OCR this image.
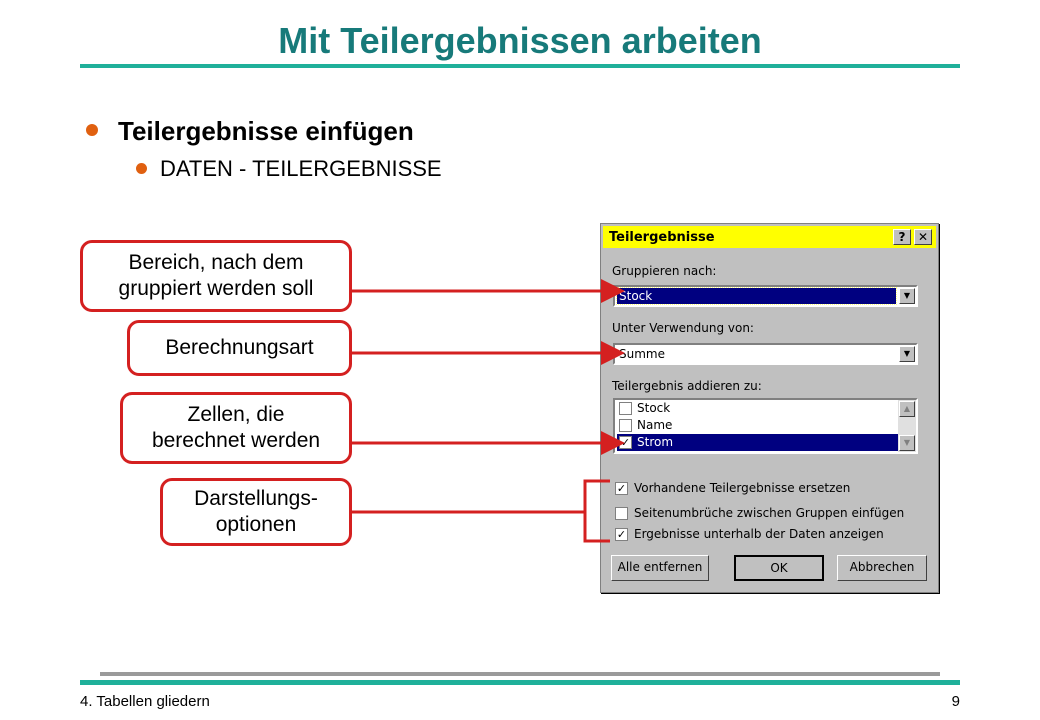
Mit Teilergebnissen arbeiten
Teilergebnisse einfügen
DATEN - TEILERGEBNISSE
Bereich, nach dem
gruppiert werden soll
Berechnungsart
Zellen, die
berechnet werden
Darstellungs-
optionen
Teilergebnisse	?	✕
Gruppieren nach:
Stock	▼
Unter Verwendung von:
Summe	▼
Teilergebnis addieren zu:
Stock
Name
✓ Strom
▲
▼
✓ Vorhandene Teilergebnisse ersetzen
Seitenumbrüche zwischen Gruppen einfügen
✓ Ergebnisse unterhalb der Daten anzeigen
Alle entfernen	OK	Abbrechen
4. Tabellen gliedern	9
